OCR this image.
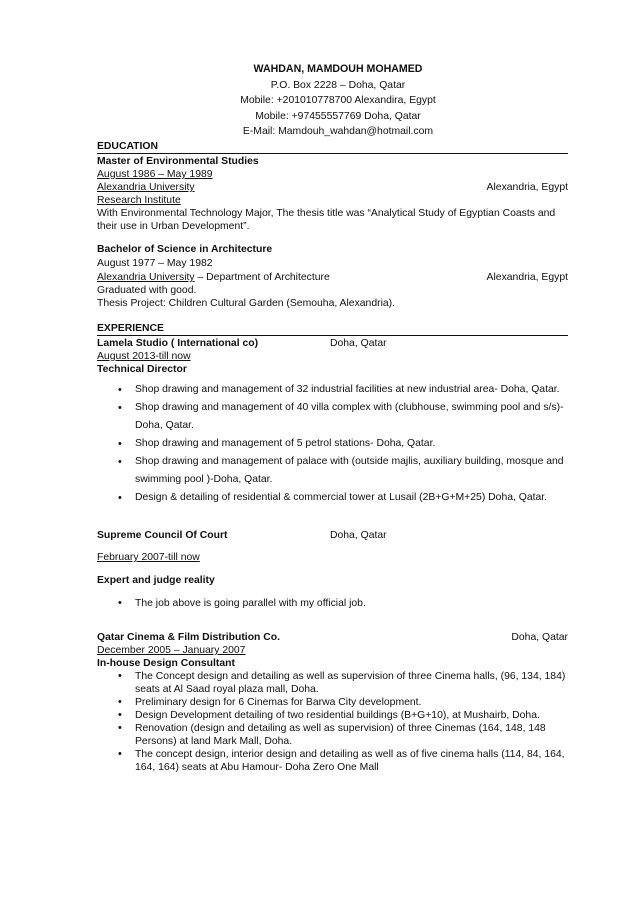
WAHDAN, MAMDOUH MOHAMED
P.O. Box 2228 – Doha, Qatar
Mobile: +201010778700 Alexandira, Egypt
Mobile: +97455557769 Doha, Qatar
E-Mail: Mamdouh_wahdan@hotmail.com
EDUCATION
Master of Environmental Studies
August 1986 – May 1989
Alexandria University	Alexandria, Egypt
Research Institute
With Environmental Technology Major, The thesis title was “Analytical Study of Egyptian Coasts and their use in Urban Development”.
Bachelor of Science in Architecture
August 1977 – May 1982
Alexandria University – Department of Architecture	Alexandria, Egypt
Graduated with good.
Thesis Project: Children Cultural Garden (Semouha, Alexandria).
EXPERIENCE
Lamela Studio ( International co)	Doha, Qatar
August 2013-till now
Technical Director
• Shop drawing and management of 32 industrial facilities at new industrial area- Doha, Qatar.
• Shop drawing and management of 40 villa complex with (clubhouse, swimming pool and s/s)-Doha, Qatar.
• Shop drawing and management of 5 petrol stations- Doha, Qatar.
• Shop drawing and management of palace with (outside majlis, auxiliary building, mosque and swimming pool )-Doha, Qatar.
• Design & detailing of residential & commercial tower at Lusail (2B+G+M+25) Doha, Qatar.
Supreme Council Of Court	Doha, Qatar
February 2007-till now
Expert and judge reality
• The job above is going parallel with my official job.
Qatar Cinema & Film Distribution Co.	Doha, Qatar
December 2005 – January 2007
In-house Design Consultant
• The Concept design and detailing as well as supervision of three Cinema halls, (96, 134, 184) seats at Al Saad royal plaza mall, Doha.
• Preliminary design for 6 Cinemas for Barwa City development.
• Design Development detailing of two residential buildings (B+G+10), at Mushairb, Doha.
• Renovation (design and detailing as well as supervision) of three Cinemas (164, 148, 148 Persons) at land Mark Mall, Doha.
• The concept design, interior design and detailing as well as of five cinema halls (114, 84, 164, 164, 164) seats at Abu Hamour- Doha Zero One Mall
